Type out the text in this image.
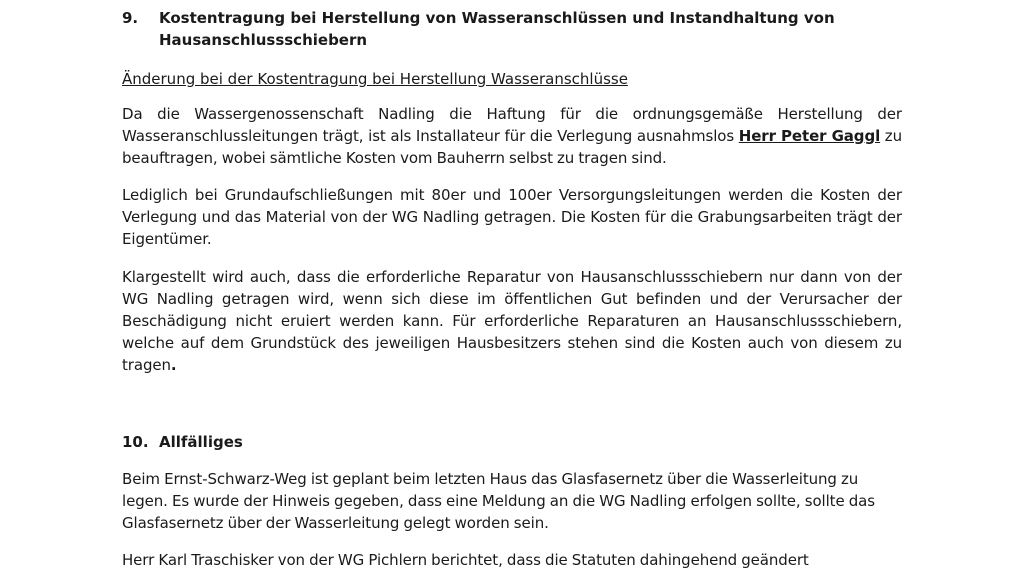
9. Kostentragung bei Herstellung von Wasseranschlüssen und Instandhaltung von Hausanschlussschiebern
Änderung bei der Kostentragung bei Herstellung Wasseranschlüsse
Da die Wassergenossenschaft Nadling die Haftung für die ordnungsgemäße Herstellung der Wasseranschlussleitungen trägt, ist als Installateur für die Verlegung ausnahmslos Herr Peter Gaggl zu beauftragen, wobei sämtliche Kosten vom Bauherrn selbst zu tragen sind.
Lediglich bei Grundaufschließungen mit 80er und 100er Versorgungsleitungen werden die Kosten der Verlegung und das Material von der WG Nadling getragen. Die Kosten für die Grabungsarbeiten trägt der Eigentümer.
Klargestellt wird auch, dass die erforderliche Reparatur von Hausanschlussschiebern nur dann von der WG Nadling getragen wird, wenn sich diese im öffentlichen Gut befinden und der Verursacher der Beschädigung nicht eruiert werden kann. Für erforderliche Reparaturen an Hausanschlussschiebern, welche auf dem Grundstück des jeweiligen Hausbesitzers stehen sind die Kosten auch von diesem zu tragen.
10. Allfälliges
Beim Ernst-Schwarz-Weg ist geplant beim letzten Haus das Glasfasernetz über die Wasserleitung zu legen. Es wurde der Hinweis gegeben, dass eine Meldung an die WG Nadling erfolgen sollte, sollte das Glasfasernetz über der Wasserleitung gelegt worden sein.
Herr Karl Traschisker von der WG Pichlern berichtet, dass die Statuten dahingehend geändert
